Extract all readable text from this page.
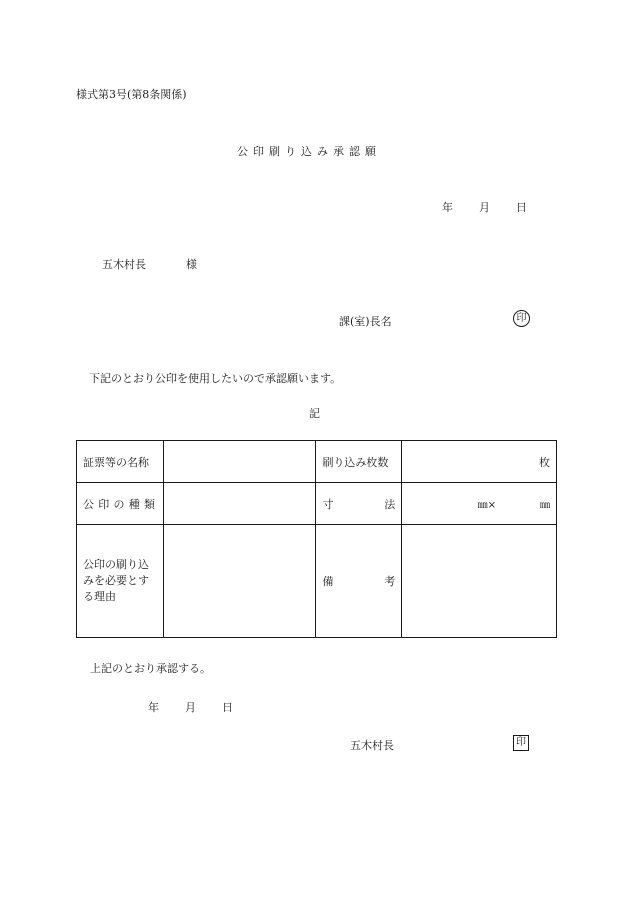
様式第3号(第8条関係)
公印刷り込み承認願
年 月 日
五木村長	様
課(室)長名	印
下記のとおり公印を使用したいので承認願います。
記
証票等の名称		刷り込み枚数	枚

公 印 の 種 類		寸 法	㎜× ㎜

公印の刷り込みを必要とする理由		備 考	

上記のとおり承認する。
年 月 日
五木村長	印
